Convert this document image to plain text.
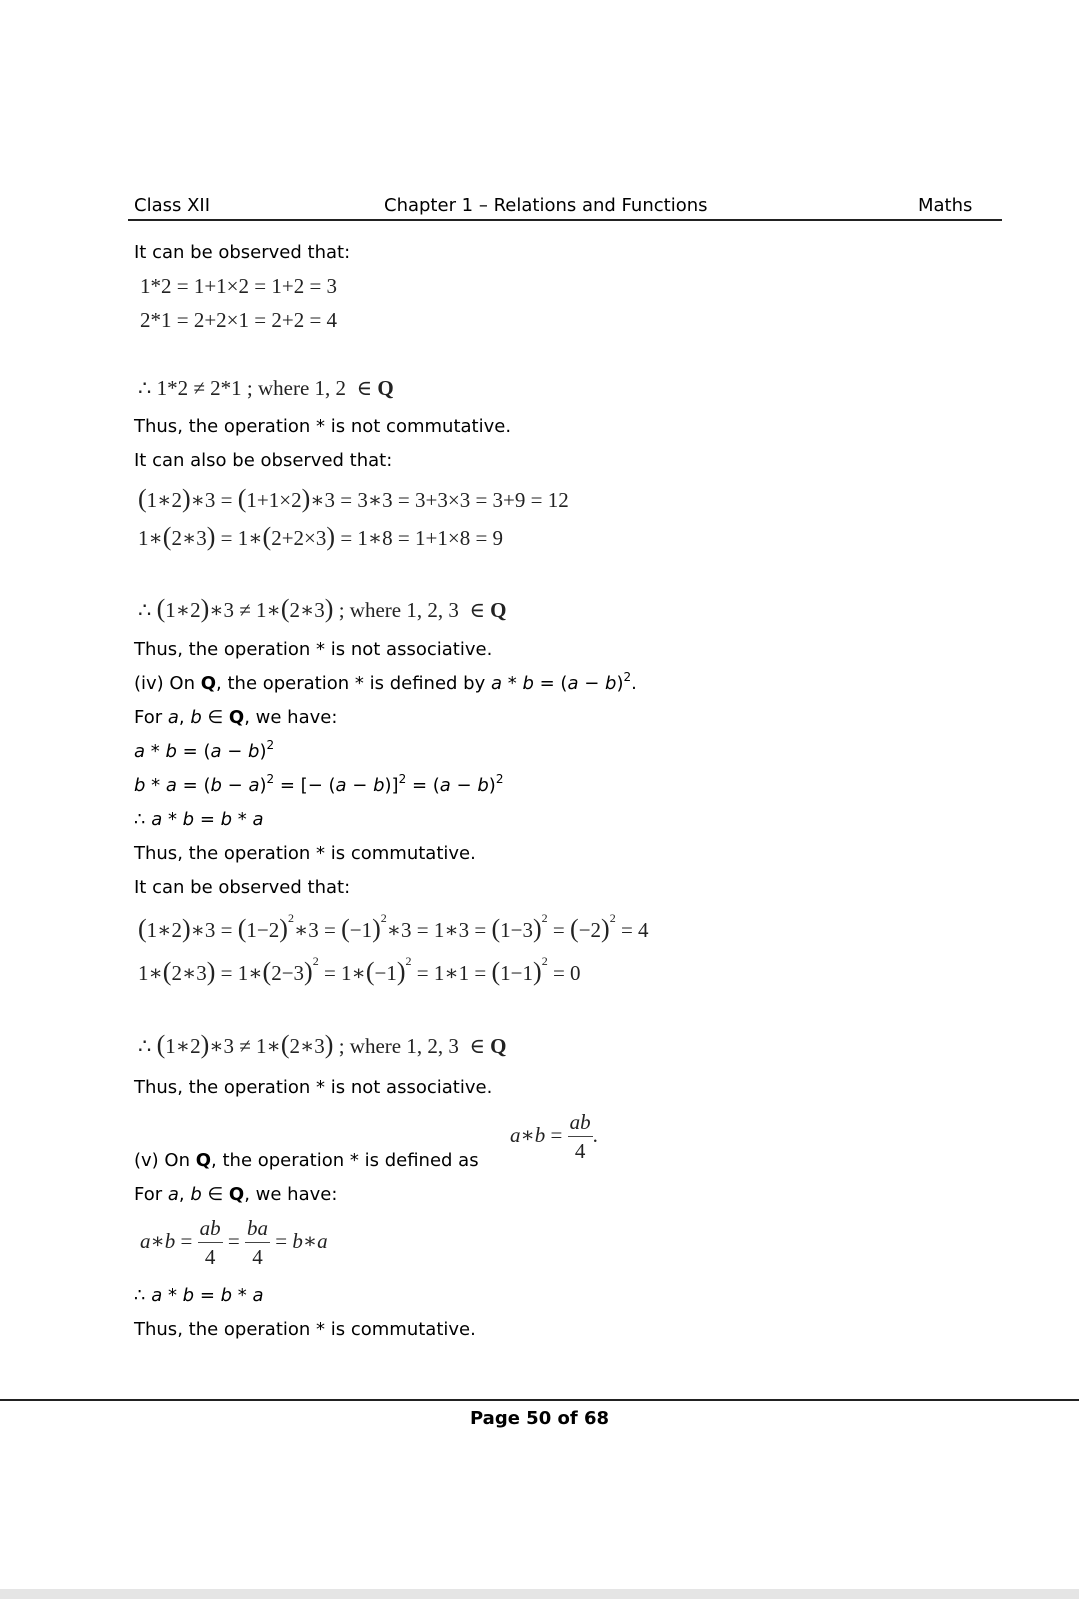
Class XII	Chapter 1 – Relations and Functions	Maths
It can be observed that:
1*2 = 1+1×2 = 1+2 = 3
2*1 = 2+2×1 = 2+2 = 4
∴ 1*2 ≠ 2*1 ; where 1, 2  ∈ Q
Thus, the operation * is not commutative.
It can also be observed that:
(1∗2)∗3 = (1+1×2)∗3 = 3∗3 = 3+3×3 = 3+9 = 12
1∗(2∗3) = 1∗(2+2×3) = 1∗8 = 1+1×8 = 9
∴ (1∗2)∗3 ≠ 1∗(2∗3) ; where 1, 2, 3  ∈ Q
Thus, the operation * is not associative.
(iv) On Q, the operation * is defined by $a * b = (a - b)^2$.
For a, b ∈ Q, we have:
$a * b = (a - b)^2$
$b * a = (b - a)^2$ = [− $(a - b)]^2 = (a - b)^2$
∴ a * b = b * a
Thus, the operation * is commutative.
It can be observed that:
(1∗2)∗3 = $(1-2)^2∗3$ = $(-1)^2∗3$ = 1∗3 = $(1-3)^2 = (-2)^2 = 4$
1∗(2∗3) = $1∗(2-3)^2$ = $1∗(-1)^2$ = 1∗1 = $(1-1)^2 = 0$
∴ (1∗2)∗3 ≠ 1∗(2∗3) ; where 1, 2, 3  ∈ Q
Thus, the operation * is not associative.
(v) On Q, the operation * is defined as
a∗b = $\frac{ab}{4}$ .
For a, b ∈ Q, we have:
a∗b = $\frac{ab}{4} = \frac{ba}{4}$ = b∗a
∴ a * b = b * a
Thus, the operation * is commutative.
Page 50 of 68
